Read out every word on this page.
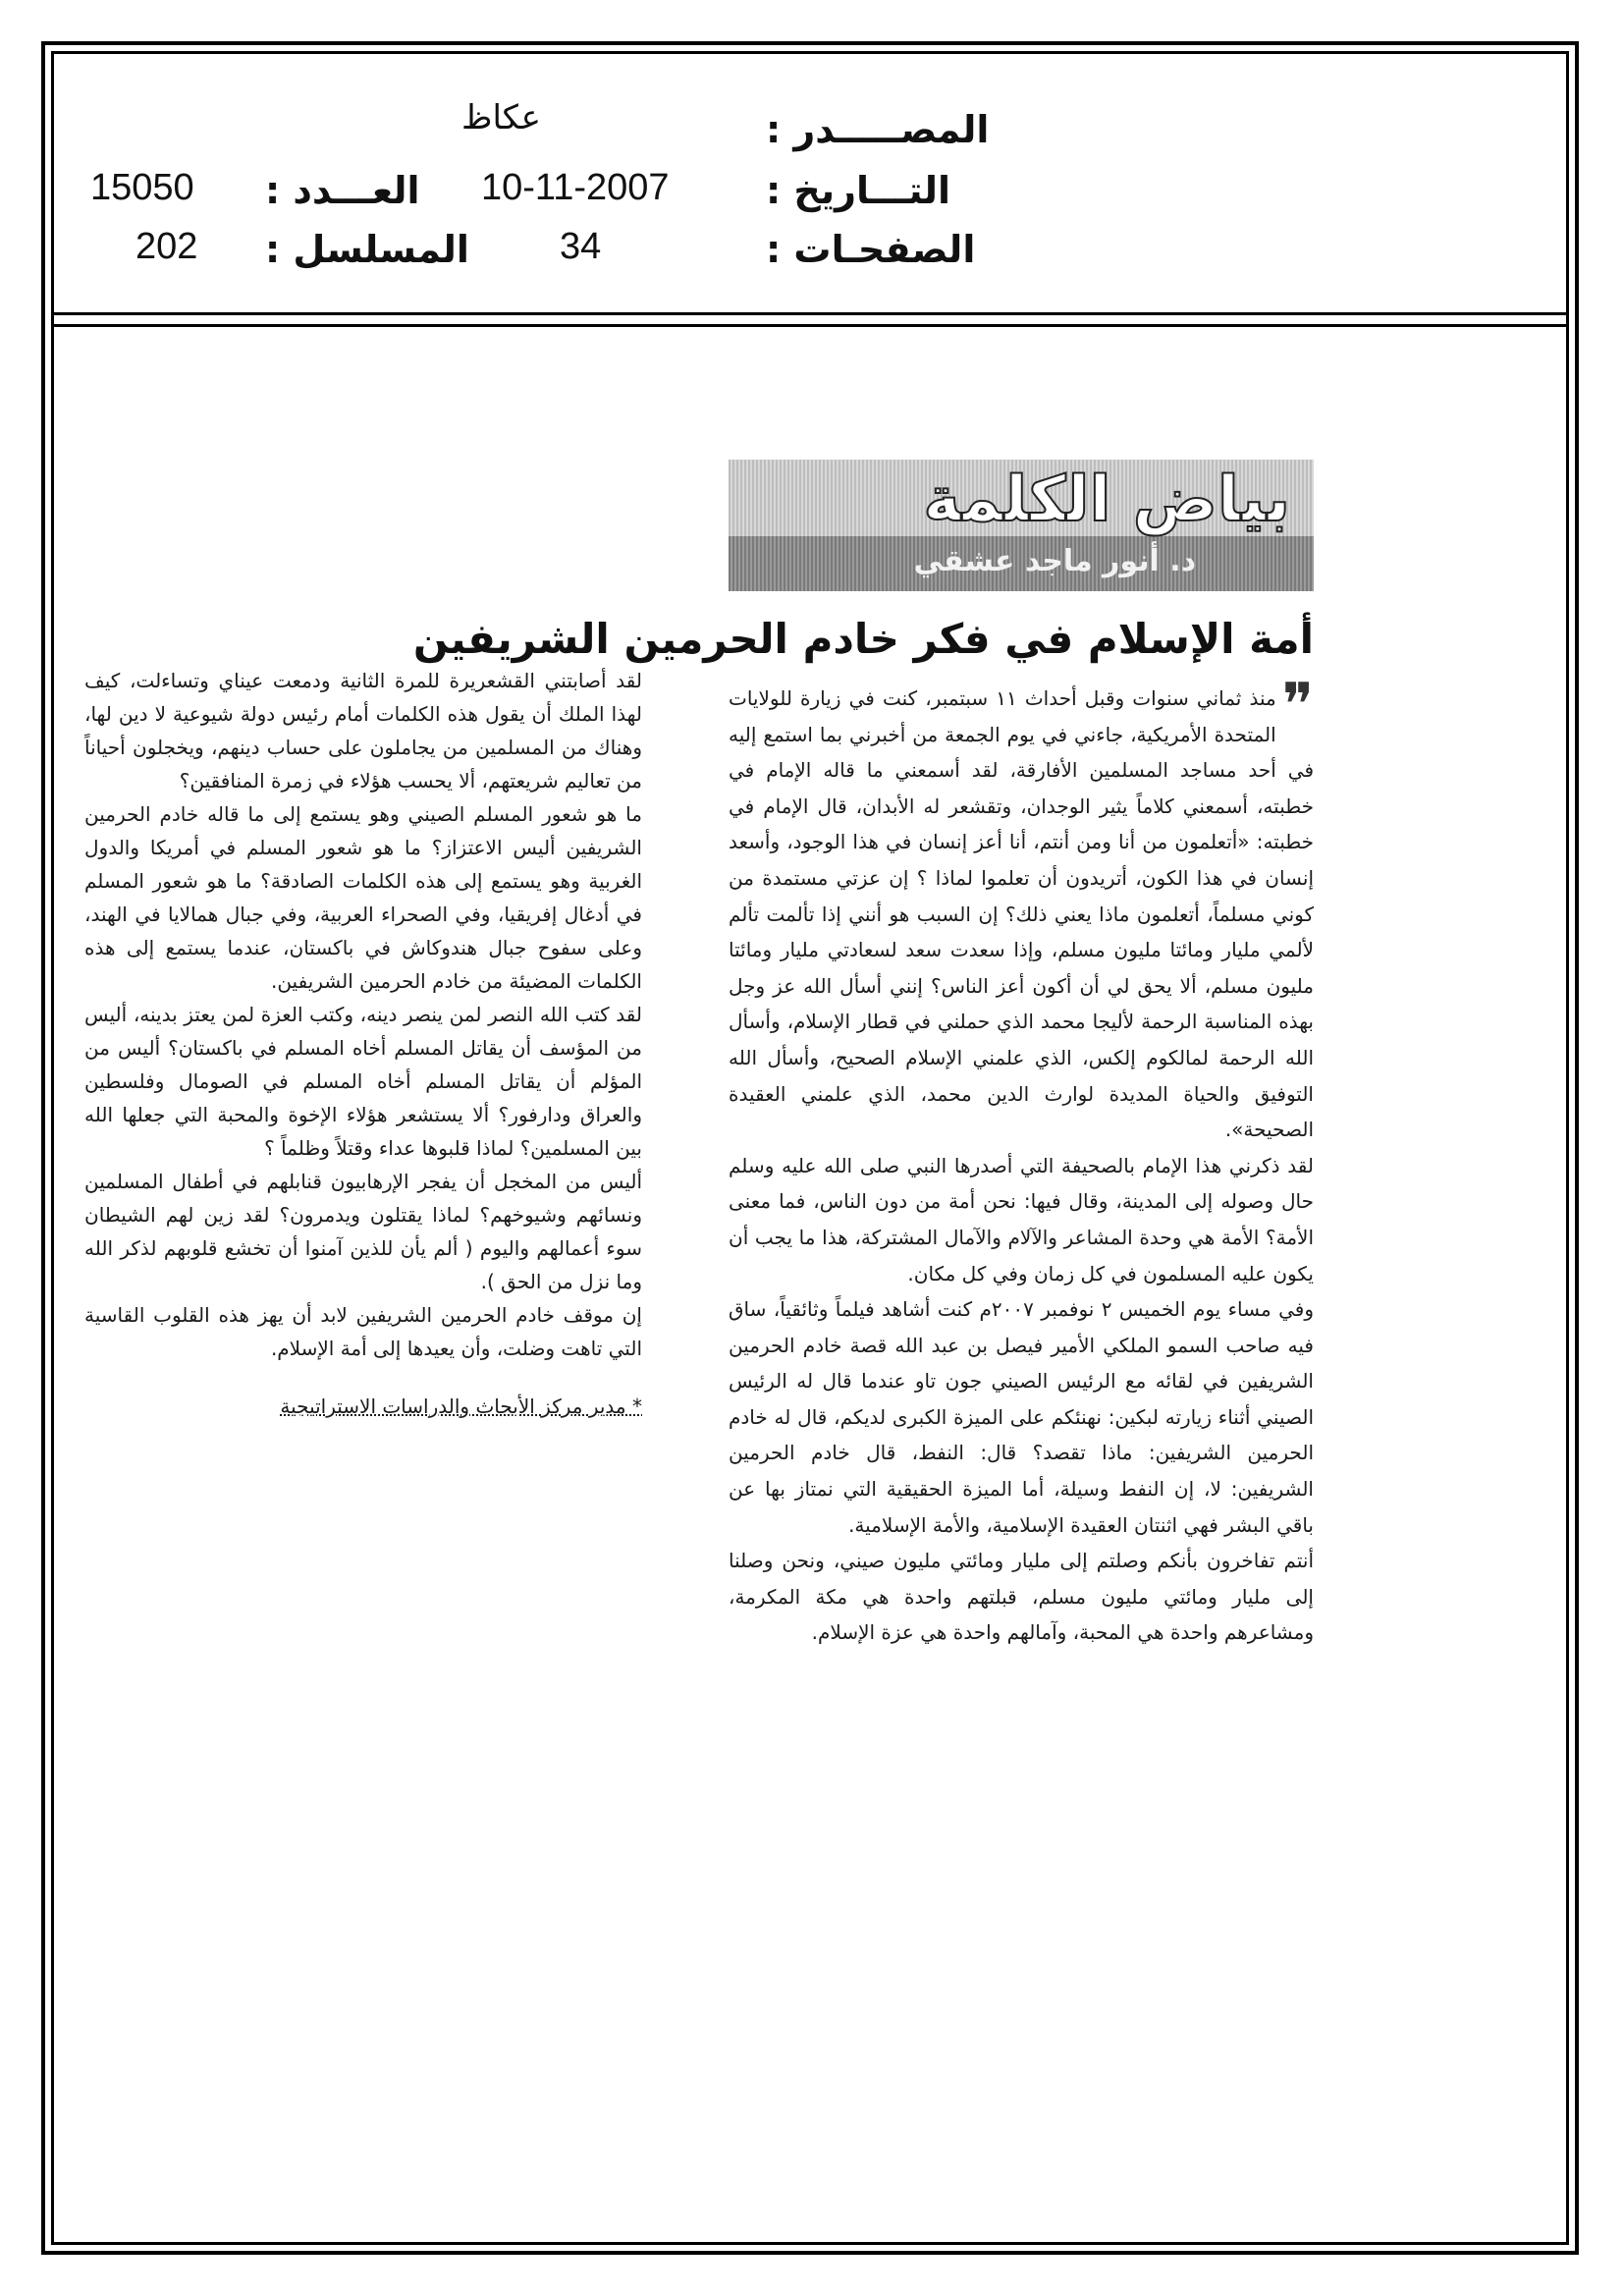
المصـــــدر :
عكاظ
التـــاريخ :
10-11-2007
العـــدد :
15050
الصفحـات :
34
المسلسل :
202
بياض الكلمة
د. أنور ماجد عشقي
أمة الإسلام في فكر خادم الحرمين الشريفين

❞
منذ ثماني سنوات وقبل أحداث ١١ سبتمبر، كنت في زيارة للولايات المتحدة الأمريكية، جاءني في يوم الجمعة من أخبرني بما استمع إليه في أحد مساجد المسلمين الأفارقة، لقد أسمعني ما قاله الإمام في خطبته، أسمعني كلاماً يثير الوجدان، وتقشعر له الأبدان، قال الإمام في خطبته: «أتعلمون من أنا ومن أنتم، أنا أعز إنسان في هذا الوجود، وأسعد إنسان في هذا الكون، أتريدون أن تعلموا لماذا ؟ إن عزتي مستمدة من كوني مسلماً، أتعلمون ماذا يعني ذلك؟ إن السبب هو أنني إذا تألمت تألم لألمي مليار ومائتا مليون مسلم، وإذا سعدت سعد لسعادتي مليار ومائتا مليون مسلم، ألا يحق لي أن أكون أعز الناس؟ إنني أسأل الله عز وجل بهذه المناسبة الرحمة لأليجا محمد الذي حملني في قطار الإسلام، وأسأل الله الرحمة لمالكوم إلكس، الذي علمني الإسلام الصحيح، وأسأل الله التوفيق والحياة المديدة لوارث الدين محمد، الذي علمني العقيدة الصحيحة».

لقد ذكرني هذا الإمام بالصحيفة التي أصدرها النبي صلى الله عليه وسلم حال وصوله إلى المدينة، وقال فيها: نحن أمة من دون الناس، فما معنى الأمة؟ الأمة هي وحدة المشاعر والآلام والآمال المشتركة، هذا ما يجب أن يكون عليه المسلمون في كل زمان وفي كل مكان.

وفي مساء يوم الخميس ٢ نوفمبر ٢٠٠٧م كنت أشاهد فيلماً وثائقياً، ساق فيه صاحب السمو الملكي الأمير فيصل بن عبد الله قصة خادم الحرمين الشريفين في لقائه مع الرئيس الصيني جون تاو عندما قال له الرئيس الصيني أثناء زيارته لبكين: نهنئكم على الميزة الكبرى لديكم، قال له خادم الحرمين الشريفين: ماذا تقصد؟ قال: النفط، قال خادم الحرمين الشريفين: لا، إن النفط وسيلة، أما الميزة الحقيقية التي نمتاز بها عن باقي البشر فهي اثنتان العقيدة الإسلامية، والأمة الإسلامية.

أنتم تفاخرون بأنكم وصلتم إلى مليار ومائتي مليون صيني، ونحن وصلنا إلى مليار ومائتي مليون مسلم، قبلتهم واحدة هي مكة المكرمة، ومشاعرهم واحدة هي المحبة، وآمالهم واحدة هي عزة الإسلام.

لقد أصابتني القشعريرة للمرة الثانية ودمعت عيناي وتساءلت، كيف لهذا الملك أن يقول هذه الكلمات أمام رئيس دولة شيوعية لا دين لها، وهناك من المسلمين من يجاملون على حساب دينهم، ويخجلون أحياناً من تعاليم شريعتهم، ألا يحسب هؤلاء في زمرة المنافقين؟

ما هو شعور المسلم الصيني وهو يستمع إلى ما قاله خادم الحرمين الشريفين أليس الاعتزاز؟ ما هو شعور المسلم في أمريكا والدول الغربية وهو يستمع إلى هذه الكلمات الصادقة؟ ما هو شعور المسلم في أدغال إفريقيا، وفي الصحراء العربية، وفي جبال همالايا في الهند، وعلى سفوح جبال هندوكاش في باكستان، عندما يستمع إلى هذه الكلمات المضيئة من خادم الحرمين الشريفين.

لقد كتب الله النصر لمن ينصر دينه، وكتب العزة لمن يعتز بدينه، أليس من المؤسف أن يقاتل المسلم أخاه المسلم في باكستان؟ أليس من المؤلم أن يقاتل المسلم أخاه المسلم في الصومال وفلسطين والعراق ودارفور؟ ألا يستشعر هؤلاء الإخوة والمحبة التي جعلها الله بين المسلمين؟ لماذا قلبوها عداء وقتلاً وظلماً ؟

أليس من المخجل أن يفجر الإرهابيون قنابلهم في أطفال المسلمين ونسائهم وشيوخهم؟ لماذا يقتلون ويدمرون؟ لقد زين لهم الشيطان سوء أعمالهم واليوم ( ألم يأن للذين آمنوا أن تخشع قلوبهم لذكر الله وما نزل من الحق ).

إن موقف خادم الحرمين الشريفين لابد أن يهز هذه القلوب القاسية التي تاهت وضلت، وأن يعيدها إلى أمة الإسلام.

* مدير مركز الأبحاث والدراسات الاستراتيجية
